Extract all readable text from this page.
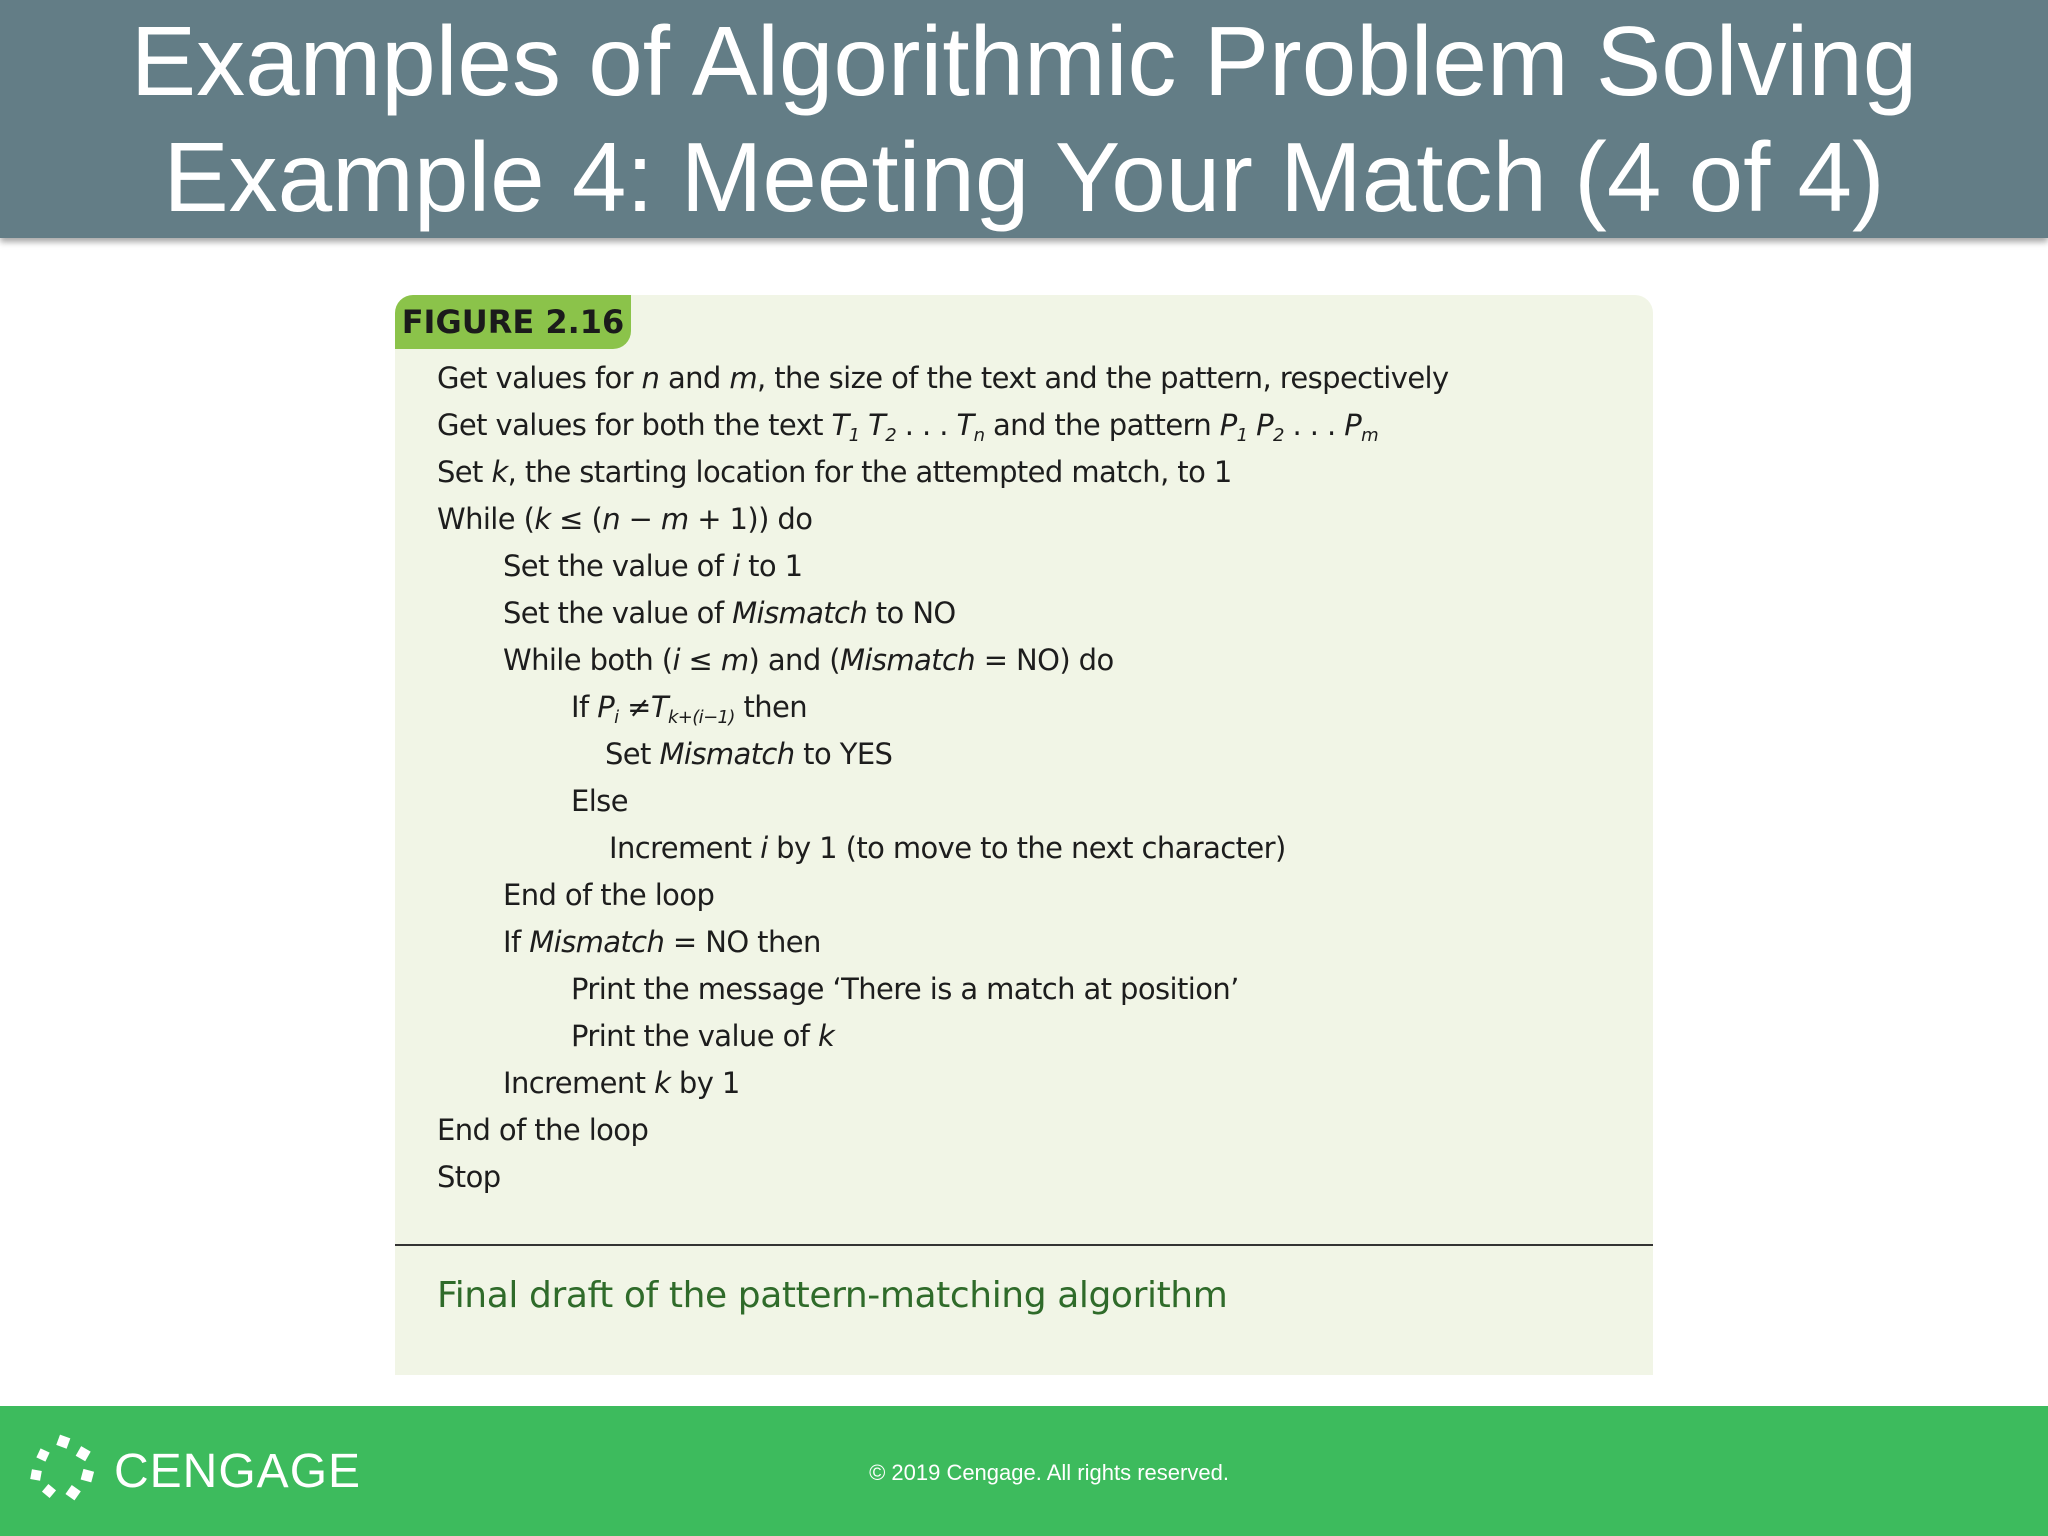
Examples of Algorithmic Problem Solving
Example 4: Meeting Your Match (4 of 4)
FIGURE 2.16
Get values for n and m, the size of the text and the pattern, respectively
Get values for both the text $T_1$ $T_2$ . . . $T_n$ and the pattern $P_1$ $P_2$ . . . $P_m$
Set k, the starting location for the attempted match, to 1
While (k ≤ (n − m + 1)) do
Set the value of i to 1
Set the value of Mismatch to NO
While both (i ≤ m) and (Mismatch = NO) do
If $P_i \ne T_{k+(i-1)}$ then
Set Mismatch to YES
Else
Increment i by 1 (to move to the next character)
End of the loop
If Mismatch = NO then
Print the message ‘There is a match at position’
Print the value of k
Increment k by 1
End of the loop
Stop
Final draft of the pattern-matching algorithm
CENGAGE	© 2019 Cengage. All rights reserved.
